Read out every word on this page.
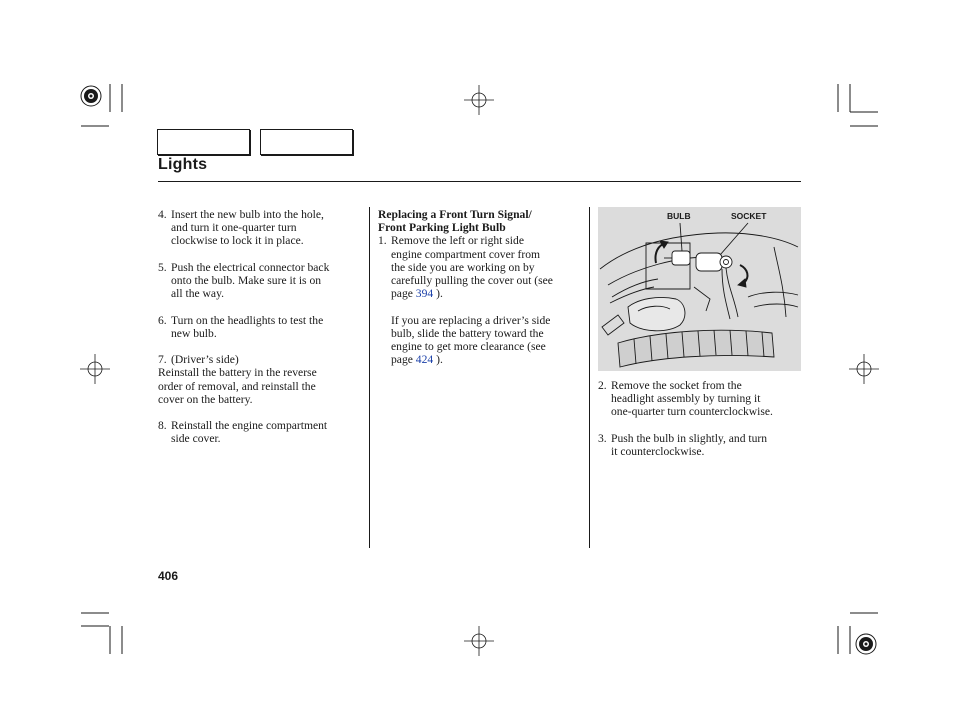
Lights
4. Insert the new bulb into the hole,

and turn it one-quarter turn

clockwise to lock it in place.

5. Push the electrical connector back

onto the bulb. Make sure it is on

all the way.

6. Turn on the headlights to test the

new bulb.

7. (Driver’s side)

Reinstall the battery in the reverse

order of removal, and reinstall the

cover on the battery.

8. Reinstall the engine compartment

side cover.

Replacing a Front Turn Signal/

Front Parking Light Bulb

1. Remove the left or right side

engine compartment cover from

the side you are working on by

carefully pulling the cover out (see

page 394 ).

If you are replacing a driver’s side

bulb, slide the battery toward the

engine to get more clearance (see

page 424 ).

BULB	SOCKET
2. Remove the socket from the

headlight assembly by turning it

one-quarter turn counterclockwise.

3. Push the bulb in slightly, and turn

it counterclockwise.

406
